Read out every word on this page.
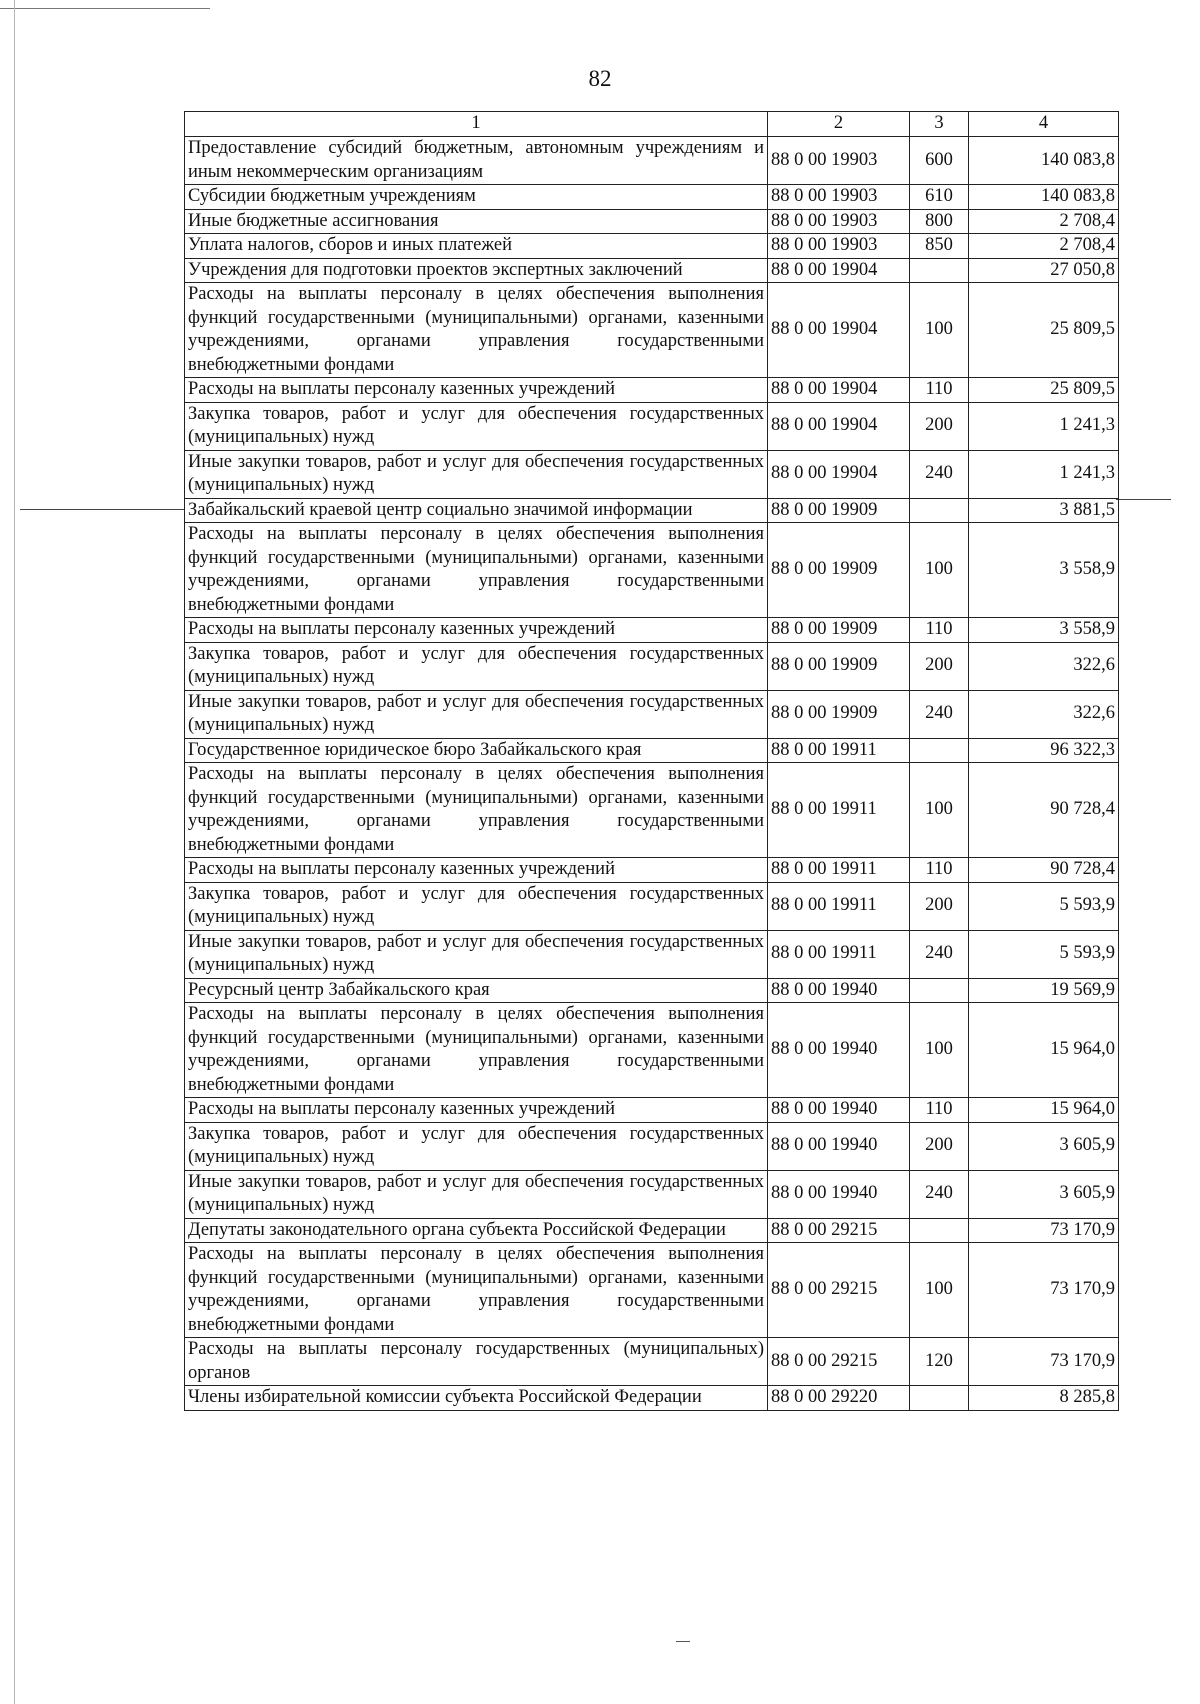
82
1	2	3	4
Предоставление субсидий бюджетным, автономным учреждениям и иным некоммерческим организациям	88 0 00 19903	600	140 083,8
Субсидии бюджетным учреждениям	88 0 00 19903	610	140 083,8
Иные бюджетные ассигнования	88 0 00 19903	800	2 708,4
Уплата налогов, сборов и иных платежей	88 0 00 19903	850	2 708,4
Учреждения для подготовки проектов экспертных заключений	88 0 00 19904		27 050,8
Расходы на выплаты персоналу в целях обеспечения выполнения функций государственными (муниципальными) органами, казенными учреждениями, органами управления государственными внебюджетными фондами	88 0 00 19904	100	25 809,5
Расходы на выплаты персоналу казенных учреждений	88 0 00 19904	110	25 809,5
Закупка товаров, работ и услуг для обеспечения государственных (муниципальных) нужд	88 0 00 19904	200	1 241,3
Иные закупки товаров, работ и услуг для обеспечения государственных (муниципальных) нужд	88 0 00 19904	240	1 241,3
Забайкальский краевой центр социально значимой информации	88 0 00 19909		3 881,5
Расходы на выплаты персоналу в целях обеспечения выполнения функций государственными (муниципальными) органами, казенными учреждениями, органами управления государственными внебюджетными фондами	88 0 00 19909	100	3 558,9
Расходы на выплаты персоналу казенных учреждений	88 0 00 19909	110	3 558,9
Закупка товаров, работ и услуг для обеспечения государственных (муниципальных) нужд	88 0 00 19909	200	322,6
Иные закупки товаров, работ и услуг для обеспечения государственных (муниципальных) нужд	88 0 00 19909	240	322,6
Государственное юридическое бюро Забайкальского края	88 0 00 19911		96 322,3
Расходы на выплаты персоналу в целях обеспечения выполнения функций государственными (муниципальными) органами, казенными учреждениями, органами управления государственными внебюджетными фондами	88 0 00 19911	100	90 728,4
Расходы на выплаты персоналу казенных учреждений	88 0 00 19911	110	90 728,4
Закупка товаров, работ и услуг для обеспечения государственных (муниципальных) нужд	88 0 00 19911	200	5 593,9
Иные закупки товаров, работ и услуг для обеспечения государственных (муниципальных) нужд	88 0 00 19911	240	5 593,9
Ресурсный центр Забайкальского края	88 0 00 19940		19 569,9
Расходы на выплаты персоналу в целях обеспечения выполнения функций государственными (муниципальными) органами, казенными учреждениями, органами управления государственными внебюджетными фондами	88 0 00 19940	100	15 964,0
Расходы на выплаты персоналу казенных учреждений	88 0 00 19940	110	15 964,0
Закупка товаров, работ и услуг для обеспечения государственных (муниципальных) нужд	88 0 00 19940	200	3 605,9
Иные закупки товаров, работ и услуг для обеспечения государственных (муниципальных) нужд	88 0 00 19940	240	3 605,9
Депутаты законодательного органа субъекта Российской Федерации	88 0 00 29215		73 170,9
Расходы на выплаты персоналу в целях обеспечения выполнения функций государственными (муниципальными) органами, казенными учреждениями, органами управления государственными внебюджетными фондами	88 0 00 29215	100	73 170,9
Расходы на выплаты персоналу государственных (муниципальных) органов	88 0 00 29215	120	73 170,9
Члены избирательной комиссии субъекта Российской Федерации	88 0 00 29220		8 285,8
